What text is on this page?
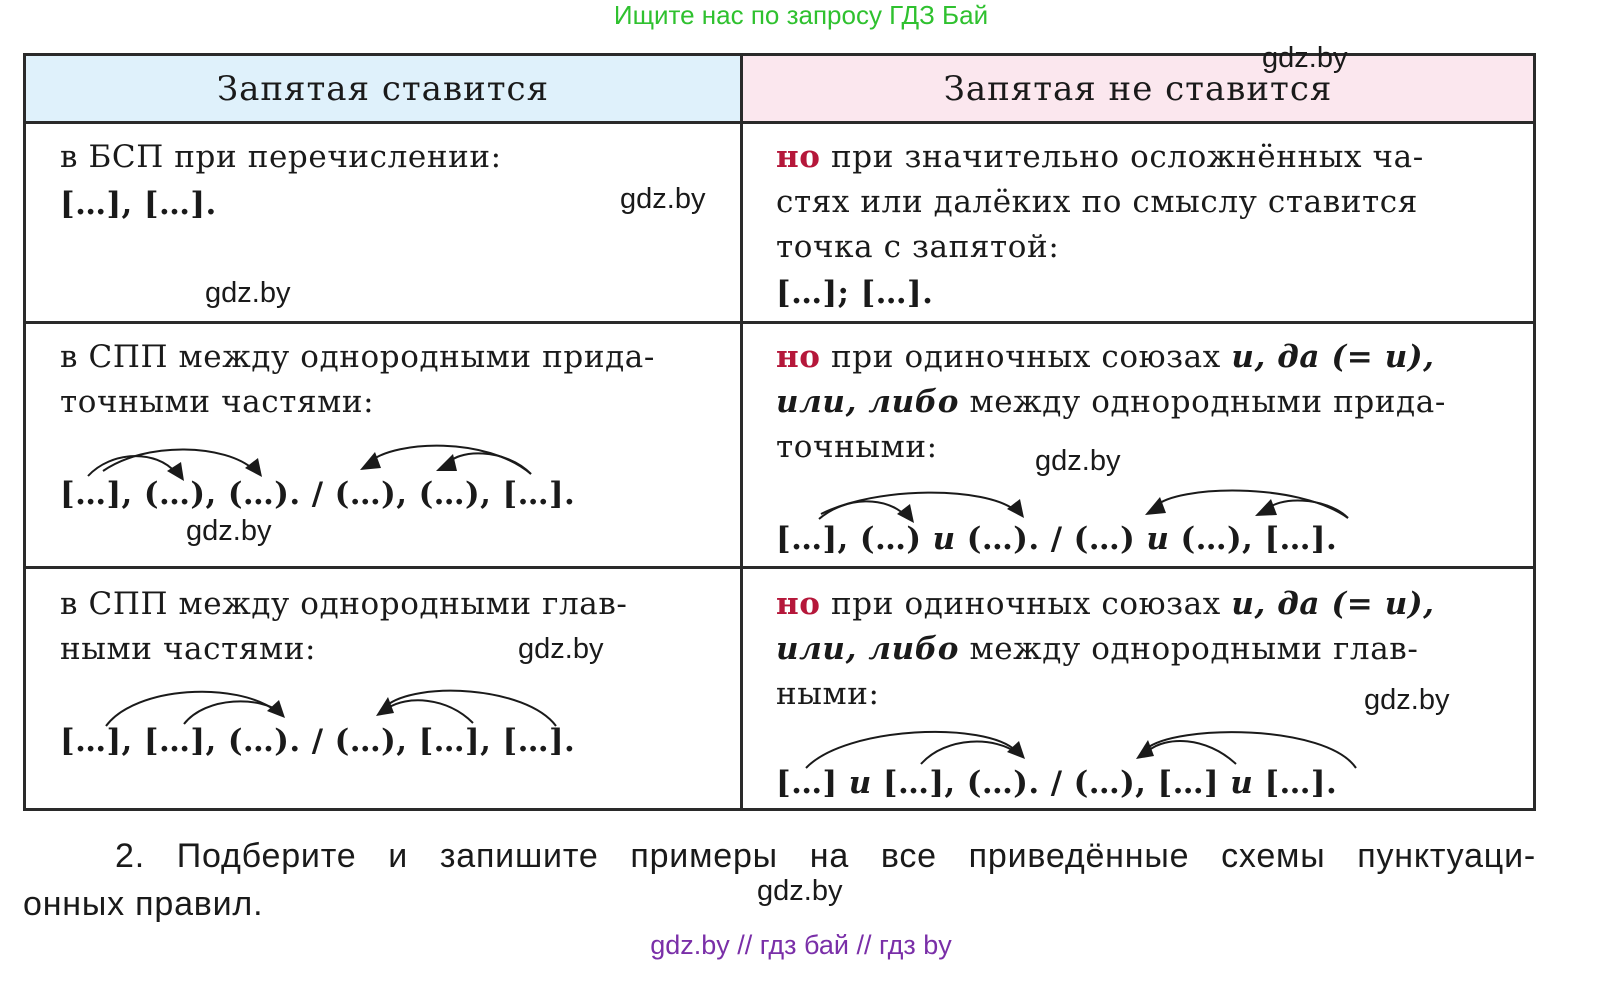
Ищите нас по запросу ГДЗ Бай
Запятая ставится	Запятая не ставится
в БСП при перечислении:
[…], […].
но при значительно осложнённых ча-
стях или далёких по смыслу ставится
точка с запятой:
[…]; […].
в СПП между однородными прида-
точными частями:
[…], (…), (…). / (…), (…), […].
но при одиночных союзах и, да (= и),
или, либо между однородными прида-
точными:
[…], (…) и (…). / (…) и (…), […].
в СПП между однородными глав-
ными частями:
[…], […], (…). / (…), […], […].
но при одиночных союзах и, да (= и),
или, либо между однородными глав-
ными:
[…] и […], (…). / (…), […] и […].
gdz.by
gdz.by
gdz.by
gdz.by
gdz.by
gdz.by
gdz.by
gdz.by
2. Подберите и запишите примеры на все приведённые схемы пунктуаци-
онных правил.
gdz.by // гдз бай // гдз by
